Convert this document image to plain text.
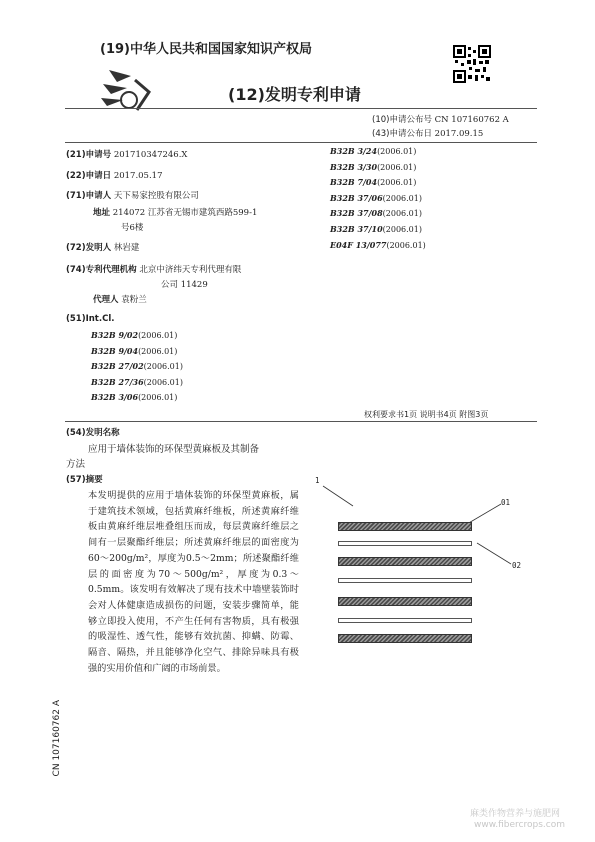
(19)中华人民共和国国家知识产权局
(12)发明专利申请
(10)申请公布号 CN 107160762 A
(43)申请公布日 2017.09.15
(21)申请号 201710347246.X
(22)申请日 2017.05.17
(71)申请人 天下易家控股有限公司
地址 214072 江苏省无锡市建筑西路599-1
号6楼
(72)发明人 林岩建
(74)专利代理机构 北京中济纬天专利代理有限
公司 11429
代理人 袁粉兰
(51)Int.Cl.
B32B 9/02(2006.01)
B32B 9/04(2006.01)
B32B 27/02(2006.01)
B32B 27/36(2006.01)
B32B 3/06(2006.01)
B32B 3/24(2006.01)
B32B 3/30(2006.01)
B32B 7/04(2006.01)
B32B 37/06(2006.01)
B32B 37/08(2006.01)
B32B 37/10(2006.01)
E04F 13/077(2006.01)
权利要求书1页 说明书4页 附图3页
(54)发明名称
应用于墙体装饰的环保型黄麻板及其制备
方法
(57)摘要
本发明提供的应用于墙体装饰的环保型黄麻板，属于建筑技术领域，包括黄麻纤维板，所述黄麻纤维板由黄麻纤维层堆叠组压而成，每层黄麻纤维层之间有一层聚酯纤维层；所述黄麻纤维层的面密度为60～200g/m²，厚度为0.5～2mm；所述聚酯纤维层的面密度为70～500g/m²，厚度为0.3～0.5mm。该发明有效解决了现有技术中墙壁装饰时会对人体健康造成损伤的问题，安装步骤简单，能够立即投入使用，不产生任何有害物质，具有极强的吸湿性、透气性，能够有效抗菌、抑螨、防霉、隔音、隔热，并且能够净化空气、排除异味具有极强的实用价值和广阔的市场前景。
1
01
02
CN 107160762 A
麻类作物营养与施肥网
www.fibercrops.com
